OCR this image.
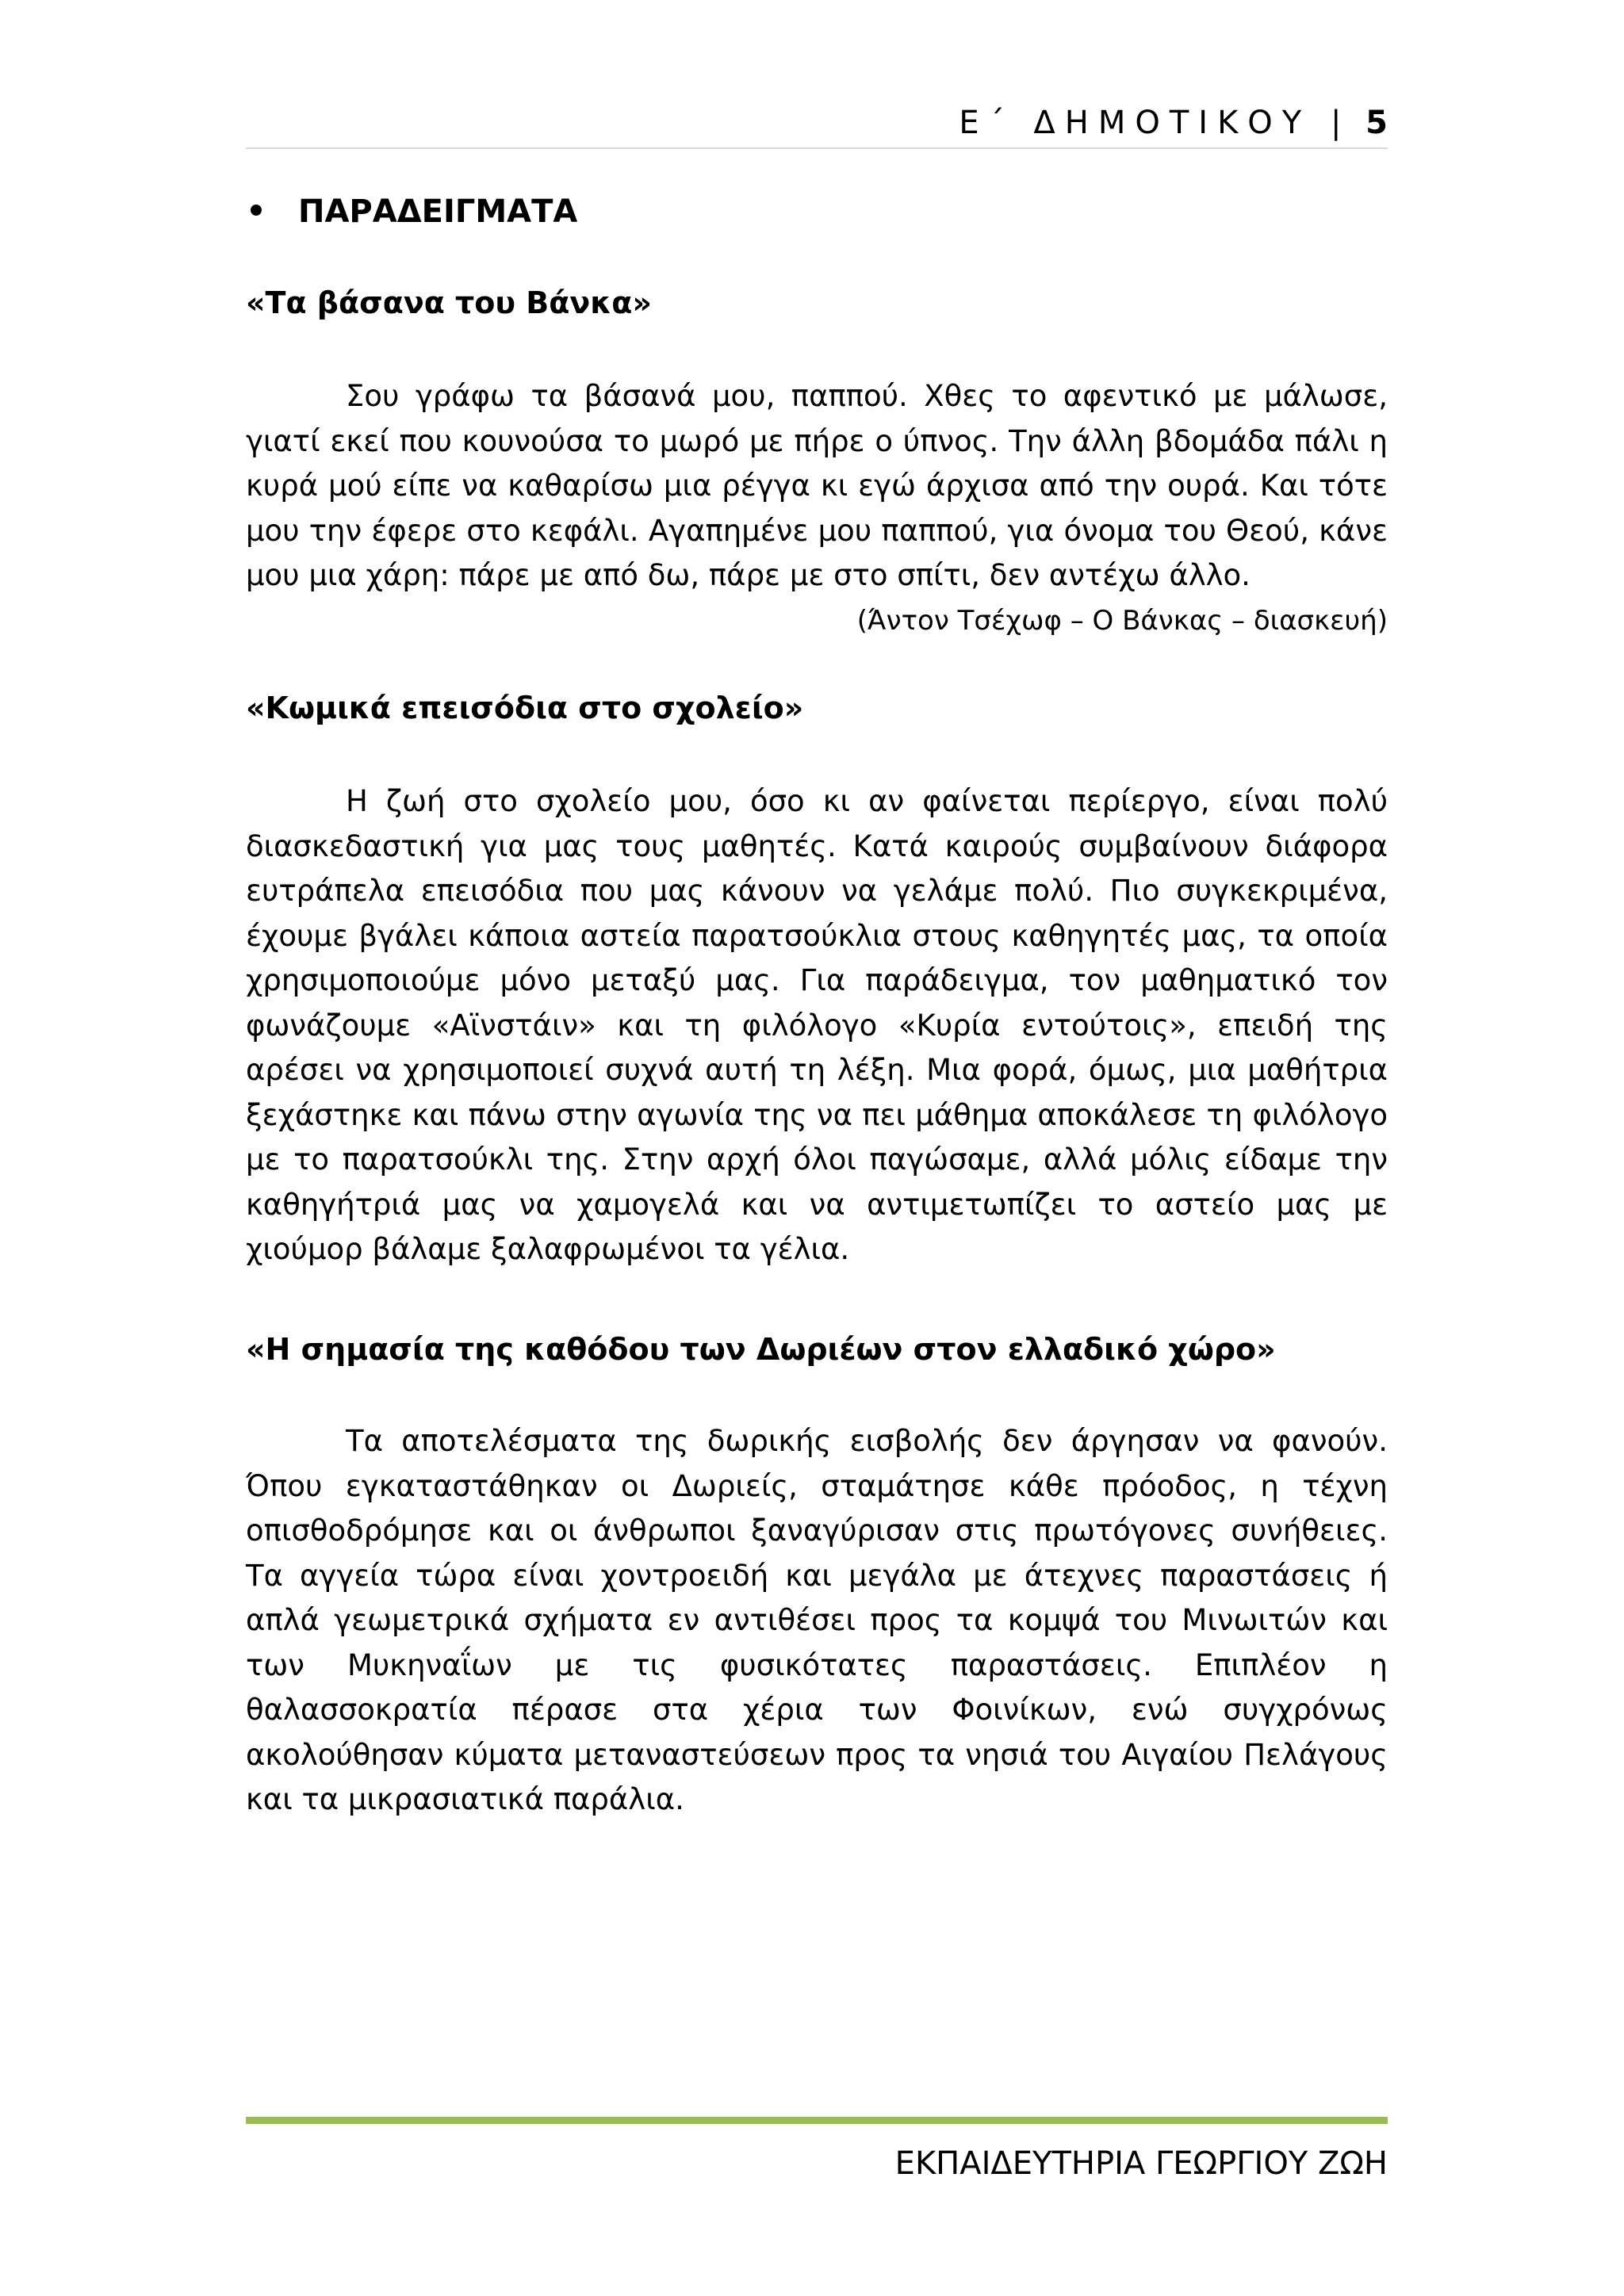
Ε΄ ΔΗΜΟΤΙΚΟΥ | 5
ΠΑΡΑΔΕΙΓΜΑΤΑ
«Τα βάσανα του Βάνκα»

Σου γράφω τα βάσανά μου, παππού. Χθες το αφεντικό με μάλωσε, γιατί εκεί που κουνούσα το μωρό με πήρε ο ύπνος. Την άλλη βδομάδα πάλι η κυρά μού είπε να καθαρίσω μια ρέγγα κι εγώ άρχισα από την ουρά. Και τότε μου την έφερε στο κεφάλι. Αγαπημένε μου παππού, για όνομα του Θεού, κάνε μου μια χάρη: πάρε με από δω, πάρε με στο σπίτι, δεν αντέχω άλλο.

(Άντον Τσέχωφ – Ο Βάνκας – διασκευή)
«Κωμικά επεισόδια στο σχολείο»

Η ζωή στο σχολείο μου, όσο κι αν φαίνεται περίεργο, είναι πολύ διασκεδαστική για μας τους μαθητές. Κατά καιρούς συμβαίνουν διάφορα ευτράπελα επεισόδια που μας κάνουν να γελάμε πολύ. Πιο συγκεκριμένα, έχουμε βγάλει κάποια αστεία παρατσούκλια στους καθηγητές μας, τα οποία χρησιμοποιούμε μόνο μεταξύ μας. Για παράδειγμα, τον μαθηματικό τον φωνάζουμε «Αϊνστάιν» και τη φιλόλογο «Κυρία εντούτοις», επειδή της αρέσει να χρησιμοποιεί συχνά αυτή τη λέξη. Μια φορά, όμως, μια μαθήτρια ξεχάστηκε και πάνω στην αγωνία της να πει μάθημα αποκάλεσε τη φιλόλογο με το παρατσούκλι της. Στην αρχή όλοι παγώσαμε, αλλά μόλις είδαμε την καθηγήτριά μας να χαμογελά και να αντιμετωπίζει το αστείο μας με χιούμορ βάλαμε ξαλαφρωμένοι τα γέλια.

«Η σημασία της καθόδου των Δωριέων στον ελλαδικό χώρο»

Τα αποτελέσματα της δωρικής εισβολής δεν άργησαν να φανούν. Όπου εγκαταστάθηκαν οι Δωριείς, σταμάτησε κάθε πρόοδος, η τέχνη οπισθοδρόμησε και οι άνθρωποι ξαναγύρισαν στις πρωτόγονες συνήθειες. Τα αγγεία τώρα είναι χοντροειδή και μεγάλα με άτεχνες παραστάσεις ή απλά γεωμετρικά σχήματα εν αντιθέσει προς τα κομψά του Μινωιτών και των Μυκηναΐων με τις φυσικότατες παραστάσεις. Επιπλέον η θαλασσοκρατία πέρασε στα χέρια των Φοινίκων, ενώ συγχρόνως ακολούθησαν κύματα μεταναστεύσεων προς τα νησιά του Αιγαίου Πελάγους και τα μικρασιατικά παράλια.

ΕΚΠΑΙΔΕΥΤΗΡΙΑ ΓΕΩΡΓΙΟΥ ΖΩΗ
